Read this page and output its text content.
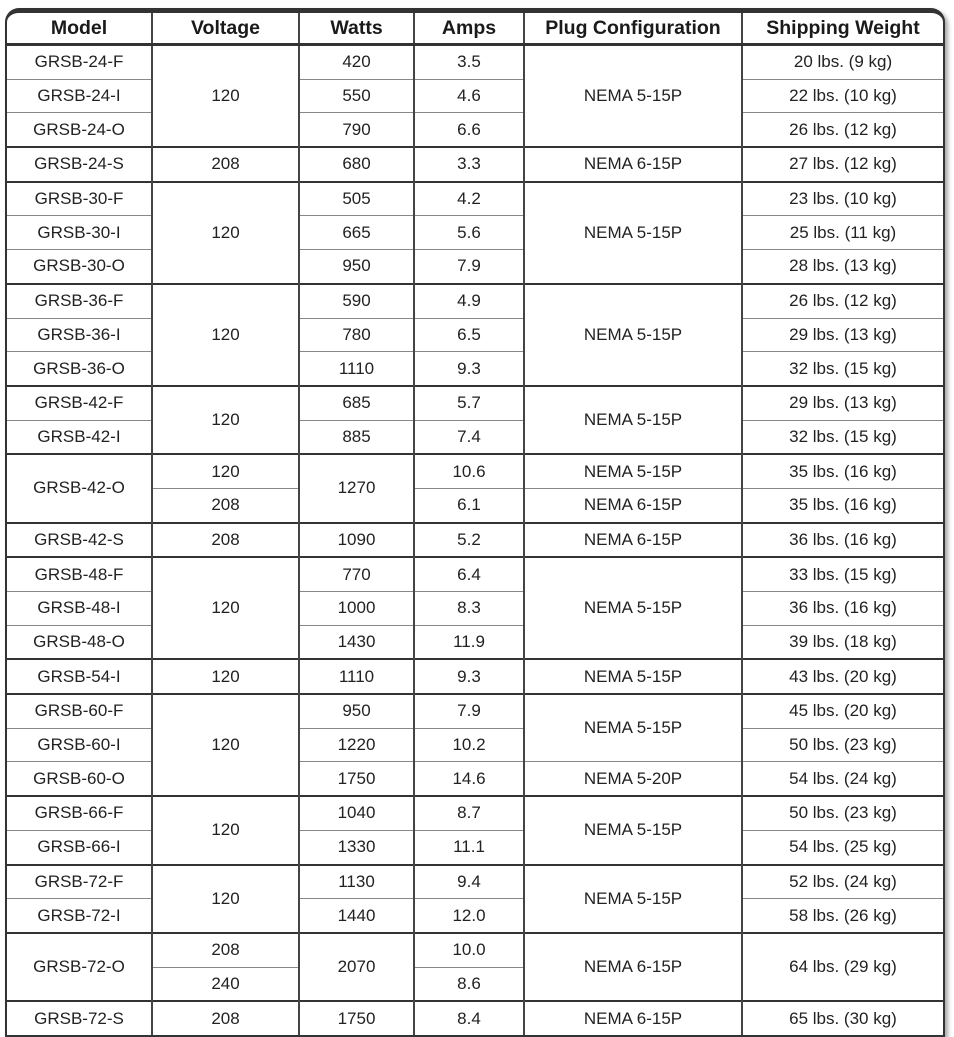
Model	Voltage	Watts	Amps	Plug Configuration	Shipping Weight
GRSB-24-F	120	420	3.5	NEMA 5-15P	20 lbs. (9 kg)
GRSB-24-I		550	4.6		22 lbs. (10 kg)
GRSB-24-O		790	6.6		26 lbs. (12 kg)
GRSB-24-S	208	680	3.3	NEMA 6-15P	27 lbs. (12 kg)
GRSB-30-F	120	505	4.2	NEMA 5-15P	23 lbs. (10 kg)
GRSB-30-I		665	5.6		25 lbs. (11 kg)
GRSB-30-O		950	7.9		28 lbs. (13 kg)
GRSB-36-F	120	590	4.9	NEMA 5-15P	26 lbs. (12 kg)
GRSB-36-I		780	6.5		29 lbs. (13 kg)
GRSB-36-O		1110	9.3		32 lbs. (15 kg)
GRSB-42-F	120	685	5.7	NEMA 5-15P	29 lbs. (13 kg)
GRSB-42-I		885	7.4		32 lbs. (15 kg)
GRSB-42-O	120	1270	10.6	NEMA 5-15P	35 lbs. (16 kg)
	208		6.1	NEMA 6-15P	35 lbs. (16 kg)
GRSB-42-S	208	1090	5.2	NEMA 6-15P	36 lbs. (16 kg)
GRSB-48-F	120	770	6.4	NEMA 5-15P	33 lbs. (15 kg)
GRSB-48-I		1000	8.3		36 lbs. (16 kg)
GRSB-48-O		1430	11.9		39 lbs. (18 kg)
GRSB-54-I	120	1110	9.3	NEMA 5-15P	43 lbs. (20 kg)
GRSB-60-F	120	950	7.9	NEMA 5-15P	45 lbs. (20 kg)
GRSB-60-I		1220	10.2		50 lbs. (23 kg)
GRSB-60-O		1750	14.6	NEMA 5-20P	54 lbs. (24 kg)
GRSB-66-F	120	1040	8.7	NEMA 5-15P	50 lbs. (23 kg)
GRSB-66-I		1330	11.1		54 lbs. (25 kg)
GRSB-72-F	120	1130	9.4	NEMA 5-15P	52 lbs. (24 kg)
GRSB-72-I		1440	12.0		58 lbs. (26 kg)
GRSB-72-O	208	2070	10.0	NEMA 6-15P	64 lbs. (29 kg)
	240		8.6		
GRSB-72-S	208	1750	8.4	NEMA 6-15P	65 lbs. (30 kg)
